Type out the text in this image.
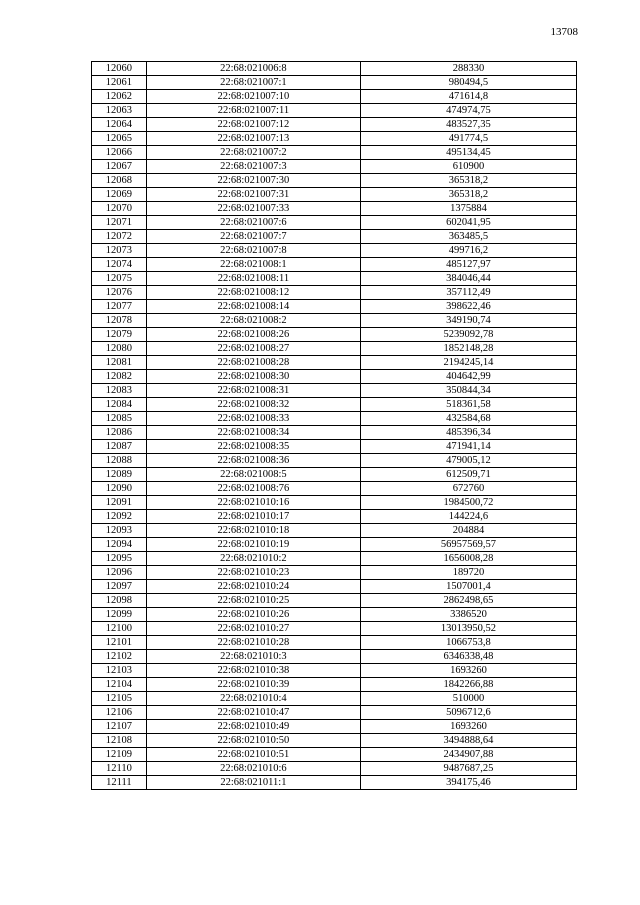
13708
12060	22:68:021006:8	288330
12061	22:68:021007:1	980494,5
12062	22:68:021007:10	471614,8
12063	22:68:021007:11	474974,75
12064	22:68:021007:12	483527,35
12065	22:68:021007:13	491774,5
12066	22:68:021007:2	495134,45
12067	22:68:021007:3	610900
12068	22:68:021007:30	365318,2
12069	22:68:021007:31	365318,2
12070	22:68:021007:33	1375884
12071	22:68:021007:6	602041,95
12072	22:68:021007:7	363485,5
12073	22:68:021007:8	499716,2
12074	22:68:021008:1	485127,97
12075	22:68:021008:11	384046,44
12076	22:68:021008:12	357112,49
12077	22:68:021008:14	398622,46
12078	22:68:021008:2	349190,74
12079	22:68:021008:26	5239092,78
12080	22:68:021008:27	1852148,28
12081	22:68:021008:28	2194245,14
12082	22:68:021008:30	404642,99
12083	22:68:021008:31	350844,34
12084	22:68:021008:32	518361,58
12085	22:68:021008:33	432584,68
12086	22:68:021008:34	485396,34
12087	22:68:021008:35	471941,14
12088	22:68:021008:36	479005,12
12089	22:68:021008:5	612509,71
12090	22:68:021008:76	672760
12091	22:68:021010:16	1984500,72
12092	22:68:021010:17	144224,6
12093	22:68:021010:18	204884
12094	22:68:021010:19	56957569,57
12095	22:68:021010:2	1656008,28
12096	22:68:021010:23	189720
12097	22:68:021010:24	1507001,4
12098	22:68:021010:25	2862498,65
12099	22:68:021010:26	3386520
12100	22:68:021010:27	13013950,52
12101	22:68:021010:28	1066753,8
12102	22:68:021010:3	6346338,48
12103	22:68:021010:38	1693260
12104	22:68:021010:39	1842266,88
12105	22:68:021010:4	510000
12106	22:68:021010:47	5096712,6
12107	22:68:021010:49	1693260
12108	22:68:021010:50	3494888,64
12109	22:68:021010:51	2434907,88
12110	22:68:021010:6	9487687,25
12111	22:68:021011:1	394175,46
